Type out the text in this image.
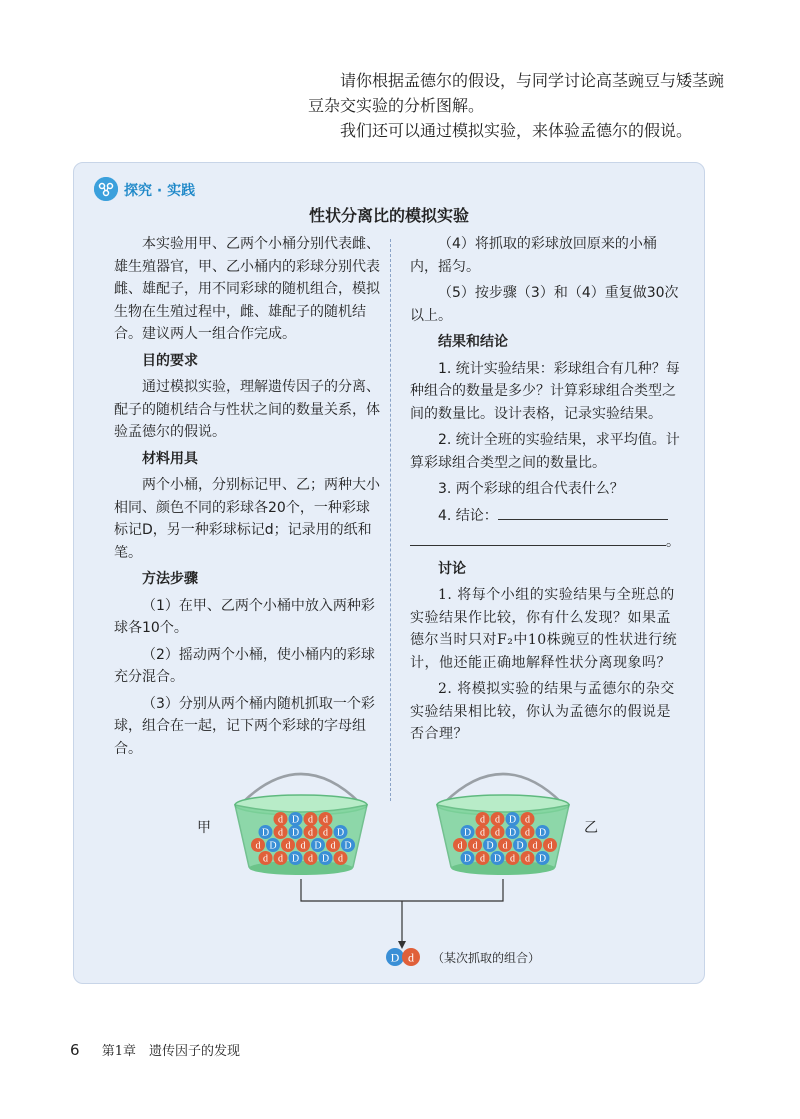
请你根据孟德尔的假设，与同学讨论高茎豌豆与矮茎豌豆杂交实验的分析图解。

我们还可以通过模拟实验，来体验孟德尔的假说。

探究 · 实践
性状分离比的模拟实验

本实验用甲、乙两个小桶分别代表雌、雄生殖器官，甲、乙小桶内的彩球分别代表雌、雄配子，用不同彩球的随机组合，模拟生物在生殖过程中，雌、雄配子的随机结合。建议两人一组合作完成。

目的要求

通过模拟实验，理解遗传因子的分离、配子的随机结合与性状之间的数量关系，体验孟德尔的假说。

材料用具

两个小桶，分别标记甲、乙；两种大小相同、颜色不同的彩球各20个，一种彩球标记D，另一种彩球标记d；记录用的纸和笔。

方法步骤

（1）在甲、乙两个小桶中放入两种彩球各10个。

（2）摇动两个小桶，使小桶内的彩球充分混合。

（3）分别从两个桶内随机抓取一个彩球，组合在一起，记下两个彩球的字母组合。

（4）将抓取的彩球放回原来的小桶内，摇匀。

（5）按步骤（3）和（4）重复做30次以上。

结果和结论

1. 统计实验结果：彩球组合有几种？每种组合的数量是多少？计算彩球组合类型之间的数量比。设计表格，记录实验结果。

2. 统计全班的实验结果，求平均值。计算彩球组合类型之间的数量比。

3. 两个彩球的组合代表什么？

4. 结论：

。

讨论

1. 将每个小组的实验结果与全班总的实验结果作比较，你有什么发现？如果孟德尔当时只对F₂中10株豌豆的性状进行统计，他还能正确地解释性状分离现象吗？

2. 将模拟实验的结果与孟德尔的杂交实验结果相比较，你认为孟德尔的假说是否合理？

甲	乙
d D d d
D d D d d D
d D d d D d D
d d D d D d
d d D d
D d d D d D
d d D d D d d
D d D d d D
D d （某次抓取的组合）
6 第1章　遗传因子的发现
